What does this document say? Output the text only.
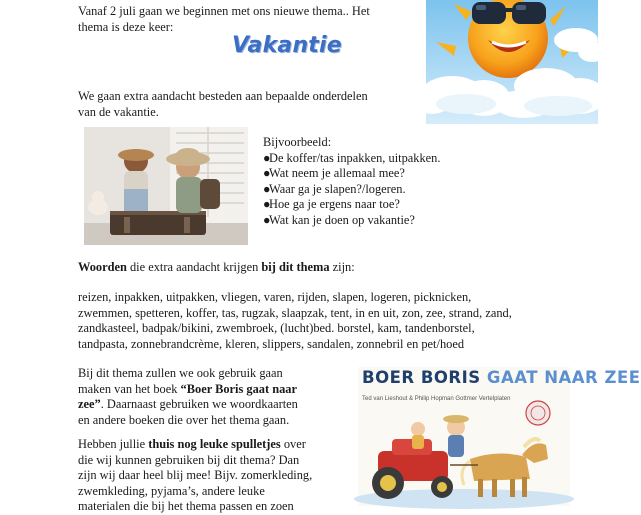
Vanaf 2 juli gaan we beginnen met ons nieuwe thema.. Het
thema is deze keer:

Vakantie

We gaan extra aandacht besteden aan bepaalde onderdelen
van de vakantie.

Bijvoorbeeld:
●De koffer/tas inpakken, uitpakken.
●Wat neem je allemaal mee?
●Waar ga je slapen?/logeren.
●Hoe ga je ergens naar toe?
●Wat kan je doen op vakantie?

Woorden die extra aandacht krijgen bij dit thema zijn:

reizen, inpakken, uitpakken, vliegen, varen, rijden, slapen, logeren, picknicken,
zwemmen, spetteren, koffer, tas, rugzak, slaapzak, tent, in en uit, zon, zee, strand, zand,
zandkasteel, badpak/bikini, zwembroek, (lucht)bed. borstel, kam, tandenborstel,
tandpasta, zonnebrandcrème, kleren, slippers, sandalen, zonnebril en pet/hoed

Bij dit thema zullen we ook gebruik gaan
maken van het boek “Boer Boris gaat naar
zee”. Daarnaast gebruiken we woordkaarten
en andere boeken die over het thema gaan.

Hebben jullie thuis nog leuke spulletjes over
die wij kunnen gebruiken bij dit thema? Dan
zijn wij daar heel blij mee! Bijv. zomerkleding,
zwemkleding, pyjama’s, andere leuke
materialen die bij het thema passen en zoen

BOER BORIS GAAT NAAR ZEE
Ted van Lieshout & Philip Hopman Gottmer Vertelplaten
